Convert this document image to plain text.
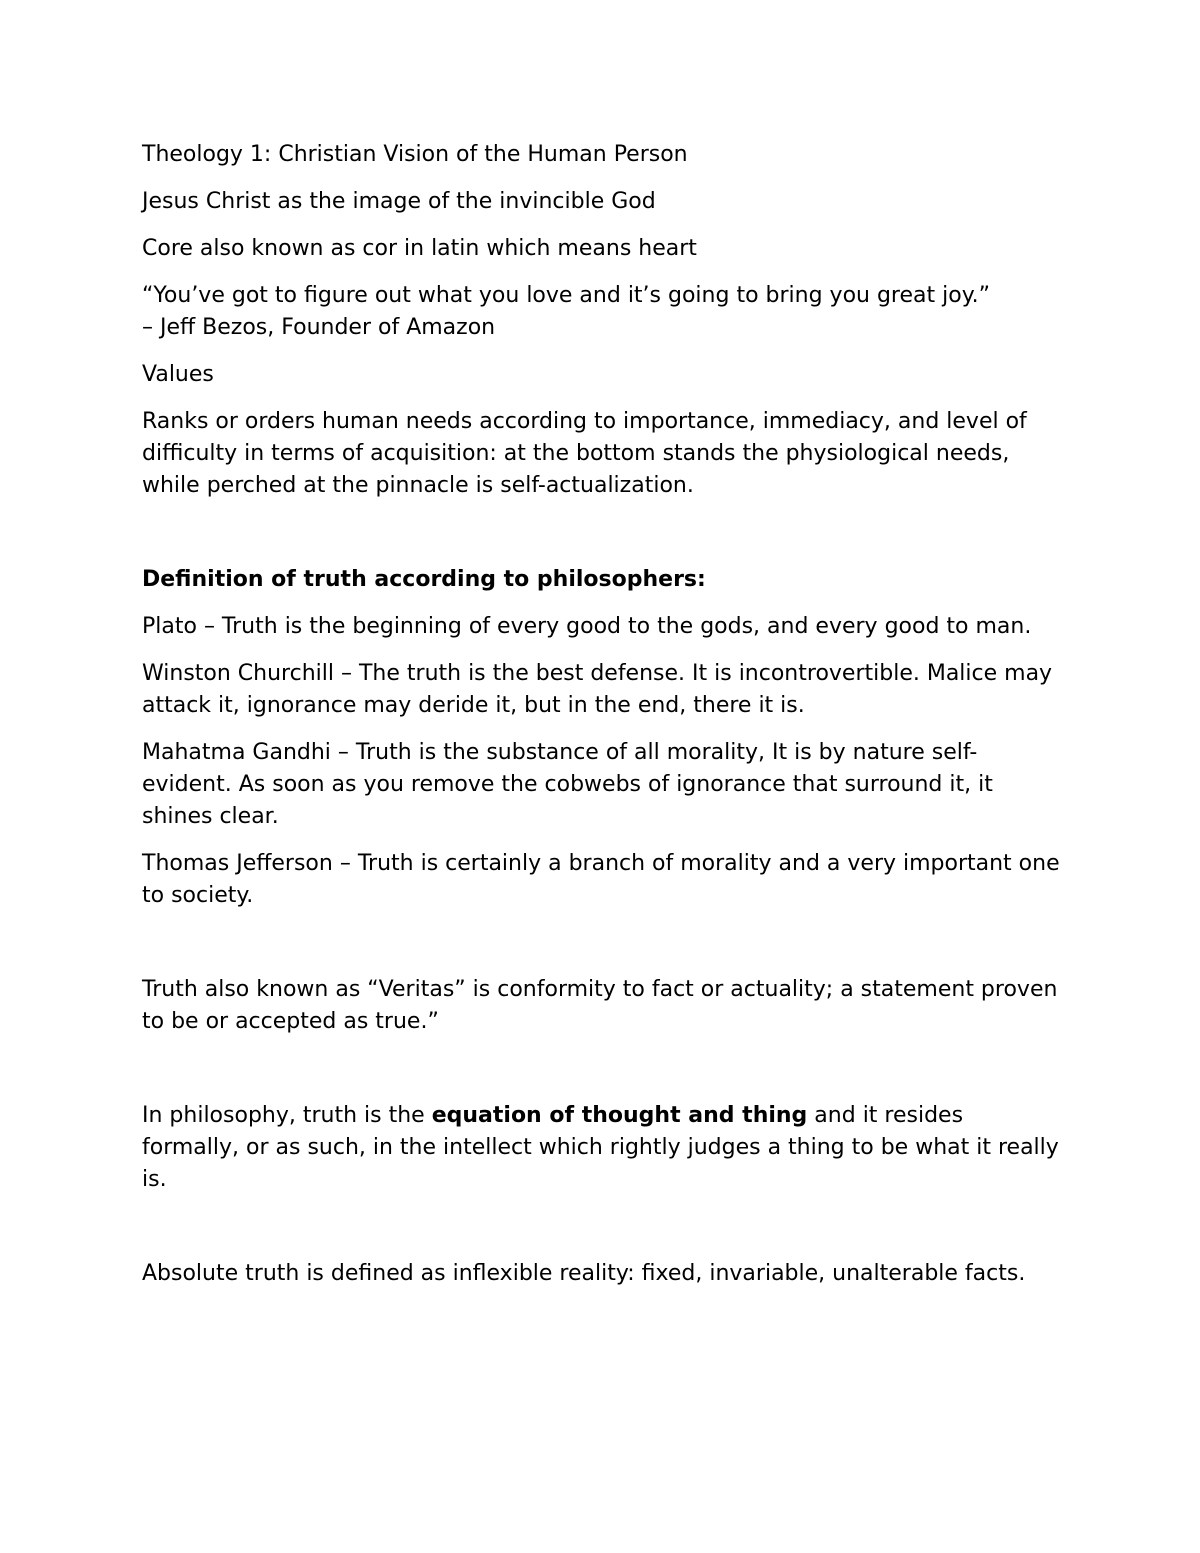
Theology 1: Christian Vision of the Human Person

Jesus Christ as the image of the invincible God

Core also known as cor in latin which means heart

“You’ve got to figure out what you love and it’s going to bring you great joy.”
– Jeff Bezos, Founder of Amazon

Values

Ranks or orders human needs according to importance, immediacy, and level of difficulty in terms of acquisition: at the bottom stands the physiological needs, while perched at the pinnacle is self-actualization.

Definition of truth according to philosophers:

Plato – Truth is the beginning of every good to the gods, and every good to man.

Winston Churchill – The truth is the best defense. It is incontrovertible. Malice may attack it, ignorance may deride it, but in the end, there it is.

Mahatma Gandhi – Truth is the substance of all morality, It is by nature self-evident. As soon as you remove the cobwebs of ignorance that surround it, it shines clear.

Thomas Jefferson – Truth is certainly a branch of morality and a very important one to society.

Truth also known as “Veritas” is conformity to fact or actuality; a statement proven to be or accepted as true.”

In philosophy, truth is the equation of thought and thing and it resides formally, or as such, in the intellect which rightly judges a thing to be what it really is.

Absolute truth is defined as inflexible reality: fixed, invariable, unalterable facts.
